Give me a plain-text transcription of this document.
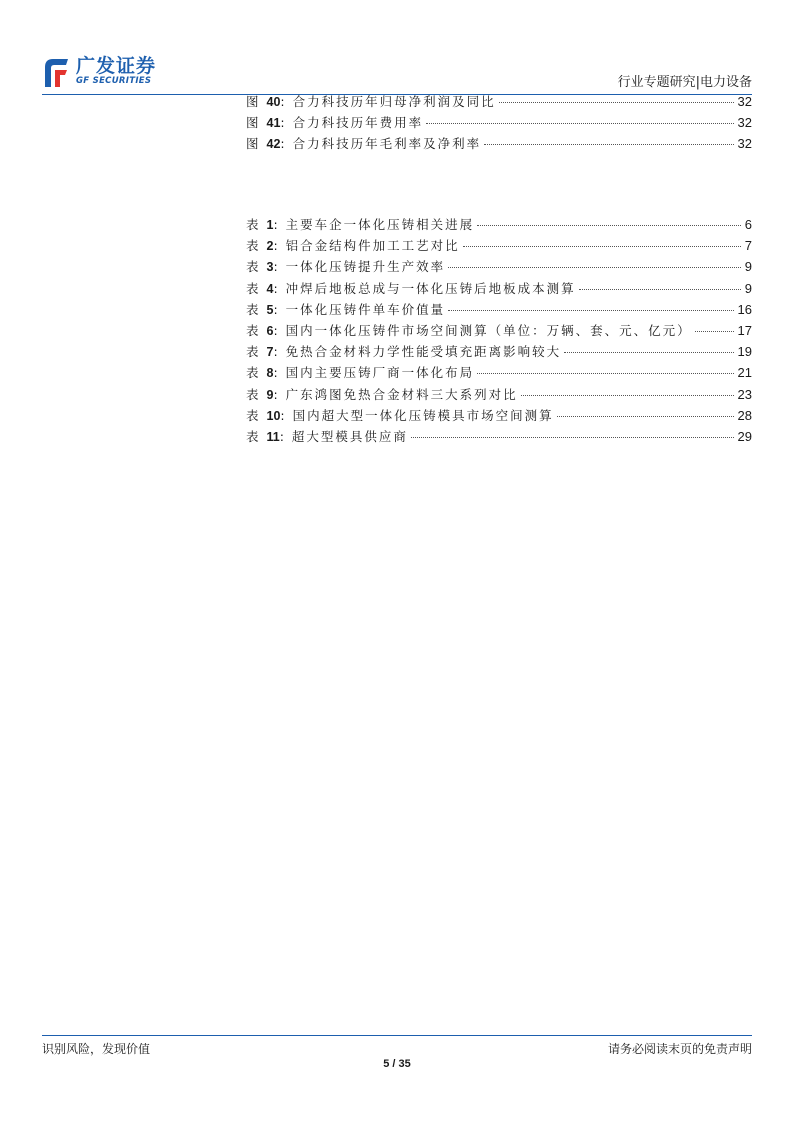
广发证券
GF SECURITIES	行业专题研究|电力设备
图 40: 合力科技历年归母净利润及同比	32
图 41: 合力科技历年费用率	32
图 42: 合力科技历年毛利率及净利率	32
表 1: 主要车企一体化压铸相关进展	6
表 2: 铝合金结构件加工工艺对比	7
表 3: 一体化压铸提升生产效率	9
表 4: 冲焊后地板总成与一体化压铸后地板成本测算	9
表 5: 一体化压铸件单车价值量	16
表 6: 国内一体化压铸件市场空间测算（单位：万辆、套、元、亿元）	17
表 7: 免热合金材料力学性能受填充距离影响较大	19
表 8: 国内主要压铸厂商一体化布局	21
表 9: 广东鸿图免热合金材料三大系列对比	23
表 10: 国内超大型一体化压铸模具市场空间测算	28
表 11: 超大型模具供应商	29
识别风险，发现价值	请务必阅读末页的免责声明
5 / 35
